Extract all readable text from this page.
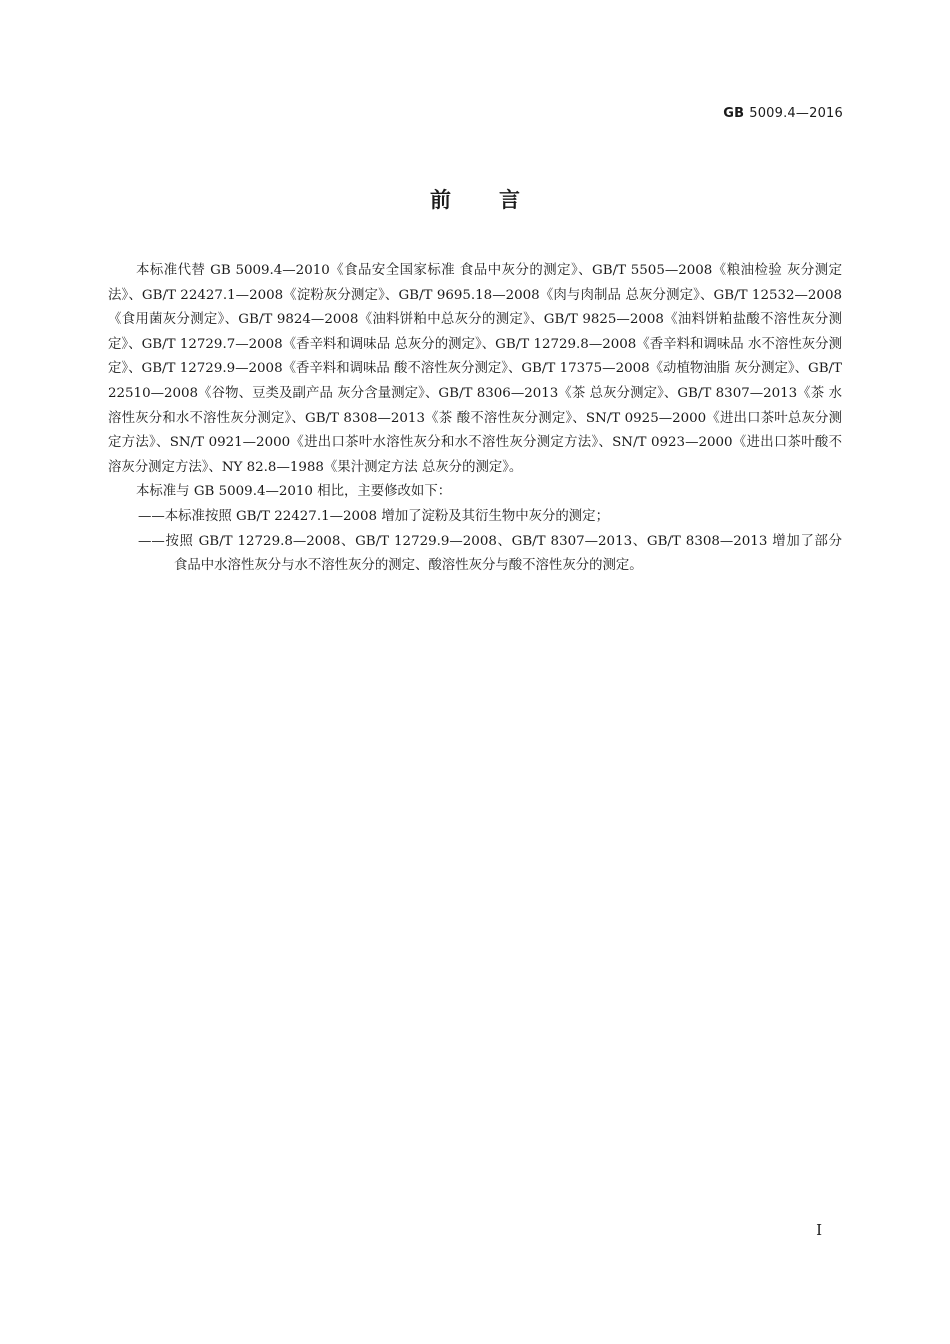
GB 5009.4—2016
前言

本标准代替 GB 5009.4—2010《食品安全国家标准 食品中灰分的测定》、GB/T 5505—2008《粮油检验 灰分测定法》、GB/T 22427.1—2008《淀粉灰分测定》、GB/T 9695.18—2008《肉与肉制品 总灰分测定》、GB/T 12532—2008《食用菌灰分测定》、GB/T 9824—2008《油料饼粕中总灰分的测定》、GB/T 9825—2008《油料饼粕盐酸不溶性灰分测定》、GB/T 12729.7—2008《香辛料和调味品 总灰分的测定》、GB/T 12729.8—2008《香辛料和调味品 水不溶性灰分测定》、GB/T 12729.9—2008《香辛料和调味品 酸不溶性灰分测定》、GB/T 17375—2008《动植物油脂 灰分测定》、GB/T 22510—2008《谷物、豆类及副产品 灰分含量测定》、GB/T 8306—2013《茶 总灰分测定》、GB/T 8307—2013《茶 水溶性灰分和水不溶性灰分测定》、GB/T 8308—2013《茶 酸不溶性灰分测定》、SN/T 0925—2000《进出口茶叶总灰分测定方法》、SN/T 0921—2000《进出口茶叶水溶性灰分和水不溶性灰分测定方法》、SN/T 0923—2000《进出口茶叶酸不溶灰分测定方法》、NY 82.8—1988《果汁测定方法 总灰分的测定》。

本标准与 GB 5009.4—2010 相比，主要修改如下：

——本标准按照 GB/T 22427.1—2008 增加了淀粉及其衍生物中灰分的测定；

——按照 GB/T 12729.8—2008、GB/T 12729.9—2008、GB/T 8307—2013、GB/T 8308—2013 增加了部分食品中水溶性灰分与水不溶性灰分的测定、酸溶性灰分与酸不溶性灰分的测定。

I
